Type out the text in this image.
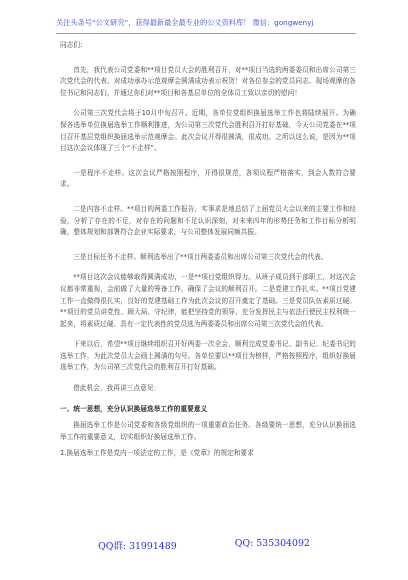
关注头条号“公文研究”，获得最新最全最专业的公文资料库！ 微信：gongwenyj

同志们:

首先，我代表公司党委和**项目党员大会的胜利召开，对**项目当选的两委委员和出席公司第三次党代会的代表、对成功承办示范观摩会圆满成功表示祝贺！对各位参会的党员同志、现场观摩的各位书记和同志们，并通过你们对**项目和各基层单位的全体员工致以亲切的慰问！

公司第三次党代会将于10月中旬召开。近期，各单位党组织换届选举工作也将陆续展开。为确保各选举单位换届选举工作顺利推进，为公司第三次党代会胜利召开打好基础，今天公司党委在**项目召开基层党组织换届选举示范观摩会。此次会议开得很圆满，很成功。之所以这么说，是因为**项目这次会议体现了三个“不走样”。

一是程序不走样。这次会议严格按照程序，开得很规范，各项议程严格落实，到会人数符合要求。

二是内容不走样。**项目的两委工作报告，实事求是地总结了上届党员大会以来的主要工作和经验，分析了存在的不足，对存在的问题和不足认识深刻，对未来四年的形势任务和工作目标分析明确，整体规划和部署符合企业实际要求，与公司整体发展同频共振。

三是目标任务不走样。顺利选举出了**项目两委委员和出席公司第三次党代会的代表。

**项目这次会议能够取得圆满成功，一是**项目党组织得力。从班子成员到干部职工，对这次会议都非常重视，会前做了大量的筹备工作，确保了会议的顺利召开。二是党建工作扎实。**项目党建工作一直做得很扎实，良好的党建基础工作为此次会议的召开奠定了基础。三是党员队伍素质过硬。**项目的党员讲党性、顾大局、守纪律，能把坚持党的领导、充分发挥民主与依法行使民主权利统一起来，将素质过硬、具有一定代表性的党员选为两委委员和出席公司第三次党代会的代表。

下来以后，希望**项目继续组织召开好两委一次全会，顺利完成党委书记、副书记、纪委书记的选举工作，为此次党员大会画上圆满的句号。各单位要以**项目为榜样，严格按照程序，组织好换届选举工作，为公司第三次党代会的胜利召开打好基础。

借此机会，我再讲三点意见：

一、统一思想，充分认识换届选举工作的重要意义

换届选举工作是公司党委和各级党组织的一项重要政治任务。各级要统一思想，充分认识换届选举工作的重要意义，切实组织好换届选举工作。

1.换届选举工作是党内一项法定的工作，是《党章》的规定和要求

QQ群: 31991489	QQ: 535304092
